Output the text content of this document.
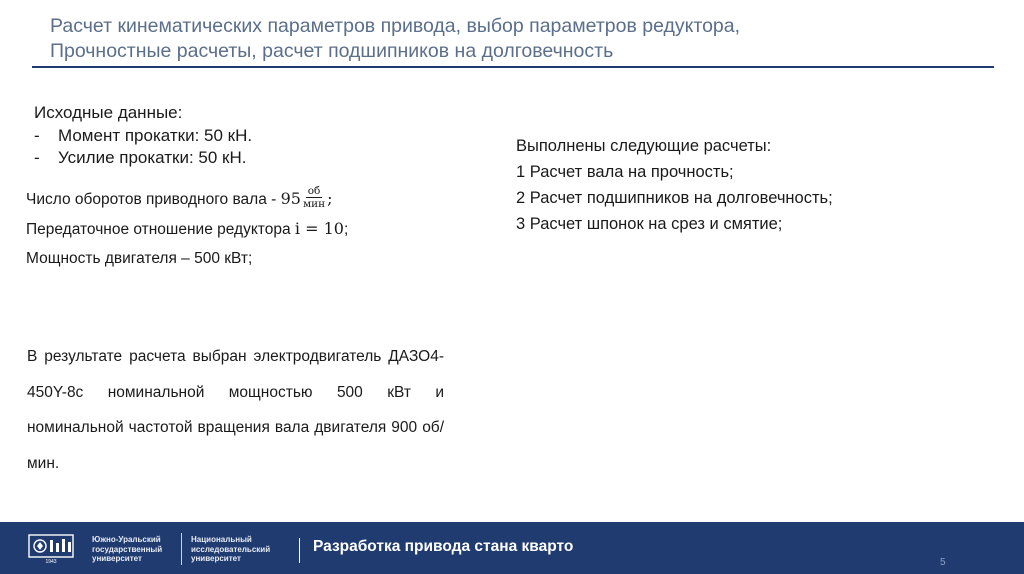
Расчет кинематических параметров привода, выбор параметров редуктора,
Прочностные расчеты, расчет подшипников на долговечность
Исходные данные:
-	Момент прокатки: 50 кН.
-	Усилие прокатки: 50 кН.
Число оборотов приводного вала - $95 \frac{об}{\text{мин}}$ ;
Передаточное отношение редуктора i = 10;
Мощность двигателя – 500 кВт;
В результате расчета выбран электродвигатель ДАЗО4-450Y-8с номинальной мощностью 500 кВт и номинальной частотой вращения вала двигателя 900 об/мин.
Выполнены следующие расчеты:
1 Расчет вала на прочность;
2 Расчет подшипников на долговечность;
3 Расчет шпонок на срез и смятие;
1943
Южно-Уральский
государственный
университет
Национальный
исследовательский
университет
Разработка привода стана кварто
5
